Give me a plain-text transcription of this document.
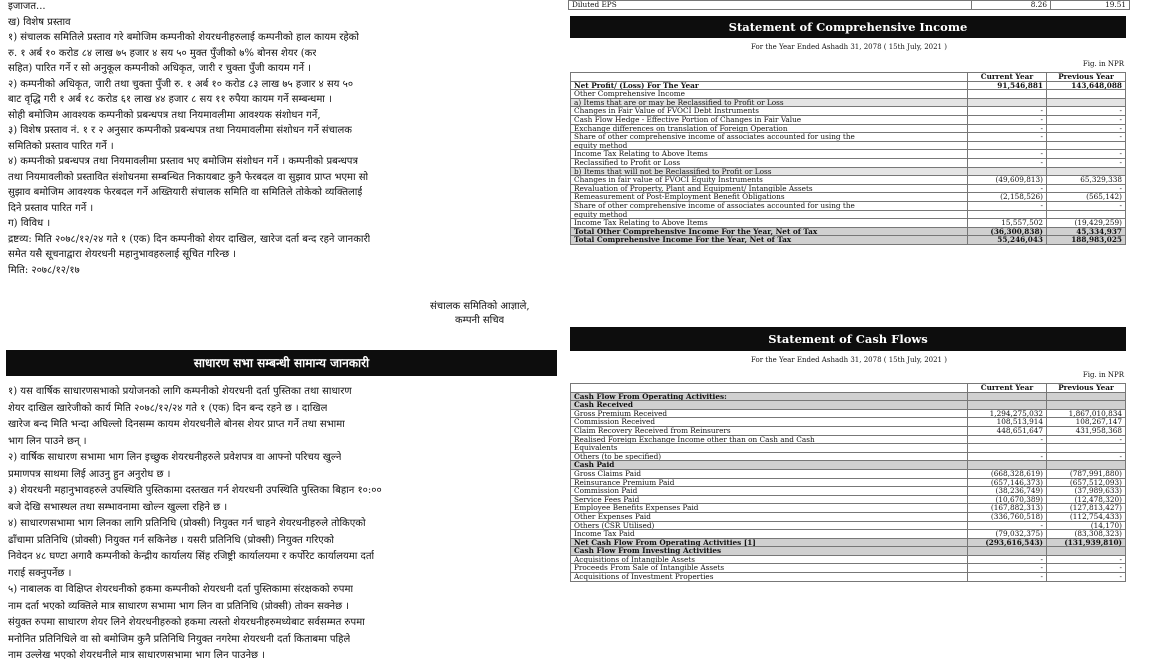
इजाजत...
ख) विशेष प्रस्ताव
१) संचालक समितिले प्रस्ताव गरे बमोजिम कम्पनीको शेयरधनीहरुलाई कम्पनीको हाल कायम रहेको
रु. १ अर्ब १० करोड ८४ लाख ७५ हजार ४ सय ५० मुक्त पुँजीको ७% बोनस शेयर (कर
सहित) पारित गर्ने र सो अनुकूल कम्पनीको अधिकृत, जारी र चुक्ता पुँजी कायम गर्ने ।
२) कम्पनीको अधिकृत, जारी तथा चुक्ता पुँजी रु. १ अर्ब १० करोड ८३ लाख ७५ हजार ४ सय ५०
बाट वृद्धि गरी १ अर्ब १८ करोड ६१ लाख ४४ हजार ८ सय ११ रुपैया कायम गर्ने सम्बन्धमा ।
सोही बमोजिम आवश्यक कम्पनीको प्रबन्धपत्र तथा नियमावलीमा आवश्यक संशोधन गर्ने,
३) विशेष प्रस्ताव नं. १ र २ अनुसार कम्पनीको प्रबन्धपत्र तथा नियमावलीमा संशोधन गर्ने संचालक
समितिको प्रस्ताव पारित गर्ने ।
४) कम्पनीको प्रबन्धपत्र तथा नियमावलीमा प्रस्ताव भए बमोजिम संशोधन गर्ने । कम्पनीको प्रबन्धपत्र
तथा नियमावलीको प्रस्तावित संशोधनमा सम्बन्धित निकायबाट कुनै फेरबदल वा सुझाव प्राप्त भएमा सो
सुझाव बमोजिम आवश्यक फेरबदल गर्ने अख्तियारी संचालक समिति वा समितिले तोकेको व्यक्तिलाई
दिने प्रस्ताव पारित गर्ने ।
ग) विविध ।
द्रष्टव्य: मिति २०७८/१२/२४ गते १ (एक) दिन कम्पनीको शेयर दाखिल, खारेज दर्ता बन्द रहने जानकारी
समेत यसै सूचनाद्वारा शेयरधनी महानुभावहरुलाई सूचित गरिन्छ ।
मिति: २०७८/१२/१७
संचालक समितिको आज्ञाले,
कम्पनी सचिव
साधारण सभा सम्बन्धी सामान्य जानकारी
१) यस वार्षिक साधारणसभाको प्रयोजनको लागि कम्पनीको शेयरधनी दर्ता पुस्तिका तथा साधारण
शेयर दाखिल खारेजीको कार्य मिति २०७८/१२/२४ गते १ (एक) दिन बन्द रहने छ । दाखिल
खारेज बन्द मिति भन्दा अघिल्लो दिनसम्म कायम शेयरधनीले बोनस शेयर प्राप्त गर्ने तथा सभामा
भाग लिन पाउने छन् ।
२) वार्षिक साधारण सभामा भाग लिन इच्छुक शेयरधनीहरुले प्रवेशपत्र वा आफ्नो परिचय खुल्ने
प्रमाणपत्र साथमा लिई आउनु हुन अनुरोध छ ।
३) शेयरधनी महानुभावहरुले उपस्थिति पुस्तिकामा दस्तखत गर्न शेयरधनी उपस्थिति पुस्तिका बिहान १०:००
बजे देखि सभास्थल तथा सम्भावनामा खोल्न खुल्ला रहिने छ ।
४) साधारणसभामा भाग लिनका लागि प्रतिनिधि (प्रोक्सी) नियुक्त गर्न चाहने शेयरधनीहरुले तोकिएको
ढाँचामा प्रतिनिधि (प्रोक्सी) नियुक्त गर्न सकिनेछ । यसरी प्रतिनिधि (प्रोक्सी) नियुक्त गरिएको
निवेदन ४८ घण्टा अगावै कम्पनीको केन्द्रीय कार्यालय सिंह रजिष्ट्री कार्यालयमा र कर्पोरेट कार्यालयमा दर्ता
गराई सक्नुपर्नेछ ।
५) नाबालक वा विक्षिप्त शेयरधनीको हकमा कम्पनीको शेयरधनी दर्ता पुस्तिकामा संरक्षकको रुपमा
नाम दर्ता भएको व्यक्तिले मात्र साधारण सभामा भाग लिन वा प्रतिनिधि (प्रोक्सी) तोक्न सक्नेछ ।
संयुक्त रुपमा साधारण शेयर लिने शेयरधनीहरुको हकमा त्यस्तो शेयरधनीहरुमध्येबाट सर्वसम्मत रुपमा
मनोनित प्रतिनिधिले वा सो बमोजिम कुनै प्रतिनिधि नियुक्त नगरेमा शेयरधनी दर्ता किताबमा पहिले
नाम उल्लेख भएको शेयरधनीले मात्र साधारणसभामा भाग लिन पाउनेछ ।
Diluted EPS	8.26	19.51
Statement of Comprehensive Income
For the Year Ended Ashadh 31, 2078 ( 15th July, 2021 )
Fig. in NPR
	Current Year	Previous Year
Net Profit/ (Loss) For The Year	91,546,881	143,648,088
Other Comprehensive Income		
a) Items that are or may be Reclassified to Profit or Loss		
Changes in Fair Value of FVOCI Debt Instruments	-	-
Cash Flow Hedge - Effective Portion of Changes in Fair Value	-	-
Exchange differences on translation of Foreign Operation	-	-
Share of other comprehensive income of associates accounted for using the	-	-
equity method		
Income Tax Relating to Above Items	-	-
Reclassified to Profit or Loss	-	-
b) Items that will not be Reclassified to Profit or Loss		
Changes in fair value of FVOCI Equity Instruments	(49,609,813)	65,329,338
Revaluation of Property, Plant and Equipment/ Intangible Assets	-	-
Remeasurement of Post-Employment Benefit Obligations	(2,158,526)	(565,142)
Share of other comprehensive income of associates accounted for using the	-	-
equity method		
Income Tax Relating to Above Items	15,557,502	(19,429,259)
Total Other Comprehensive Income For the Year, Net of Tax	(36,300,838)	45,334,937
Total Comprehensive Income For the Year, Net of Tax	55,246,043	188,983,025
Statement of Cash Flows
For the Year Ended Ashadh 31, 2078 ( 15th July, 2021 )
Fig. in NPR
	Current Year	Previous Year
Cash Flow From Operating Activities:		
Cash Received		
Gross Premium Received	1,294,275,032	1,867,010,834
Commission Received	108,513,914	108,267,147
Claim Recovery Received from Reinsurers	448,651,647	431,958,368
Realised Foreign Exchange Income other than on Cash and Cash	-	-
Equivalents		
Others (to be specified)	-	-
Cash Paid		
Gross Claims Paid	(668,328,619)	(787,991,880)
Reinsurance Premium Paid	(657,146,373)	(657,512,093)
Commission Paid	(38,236,749)	(37,989,633)
Service Fees Paid	(10,670,389)	(12,478,320)
Employee Benefits Expenses Paid	(167,882,313)	(127,813,427)
Other Expenses Paid	(336,760,518)	(112,754,433)
Others (CSR Utilised)	-	(14,170)
Income Tax Paid	(79,032,375)	(83,308,323)
Net Cash Flow From Operating Activities [1]	(293,616,543)	(131,939,810)
Cash Flow From Investing Activities		
Acquisitions of Intangible Assets	-	-
Proceeds From Sale of Intangible Assets	-	-
Acquisitions of Investment Properties	-	-
